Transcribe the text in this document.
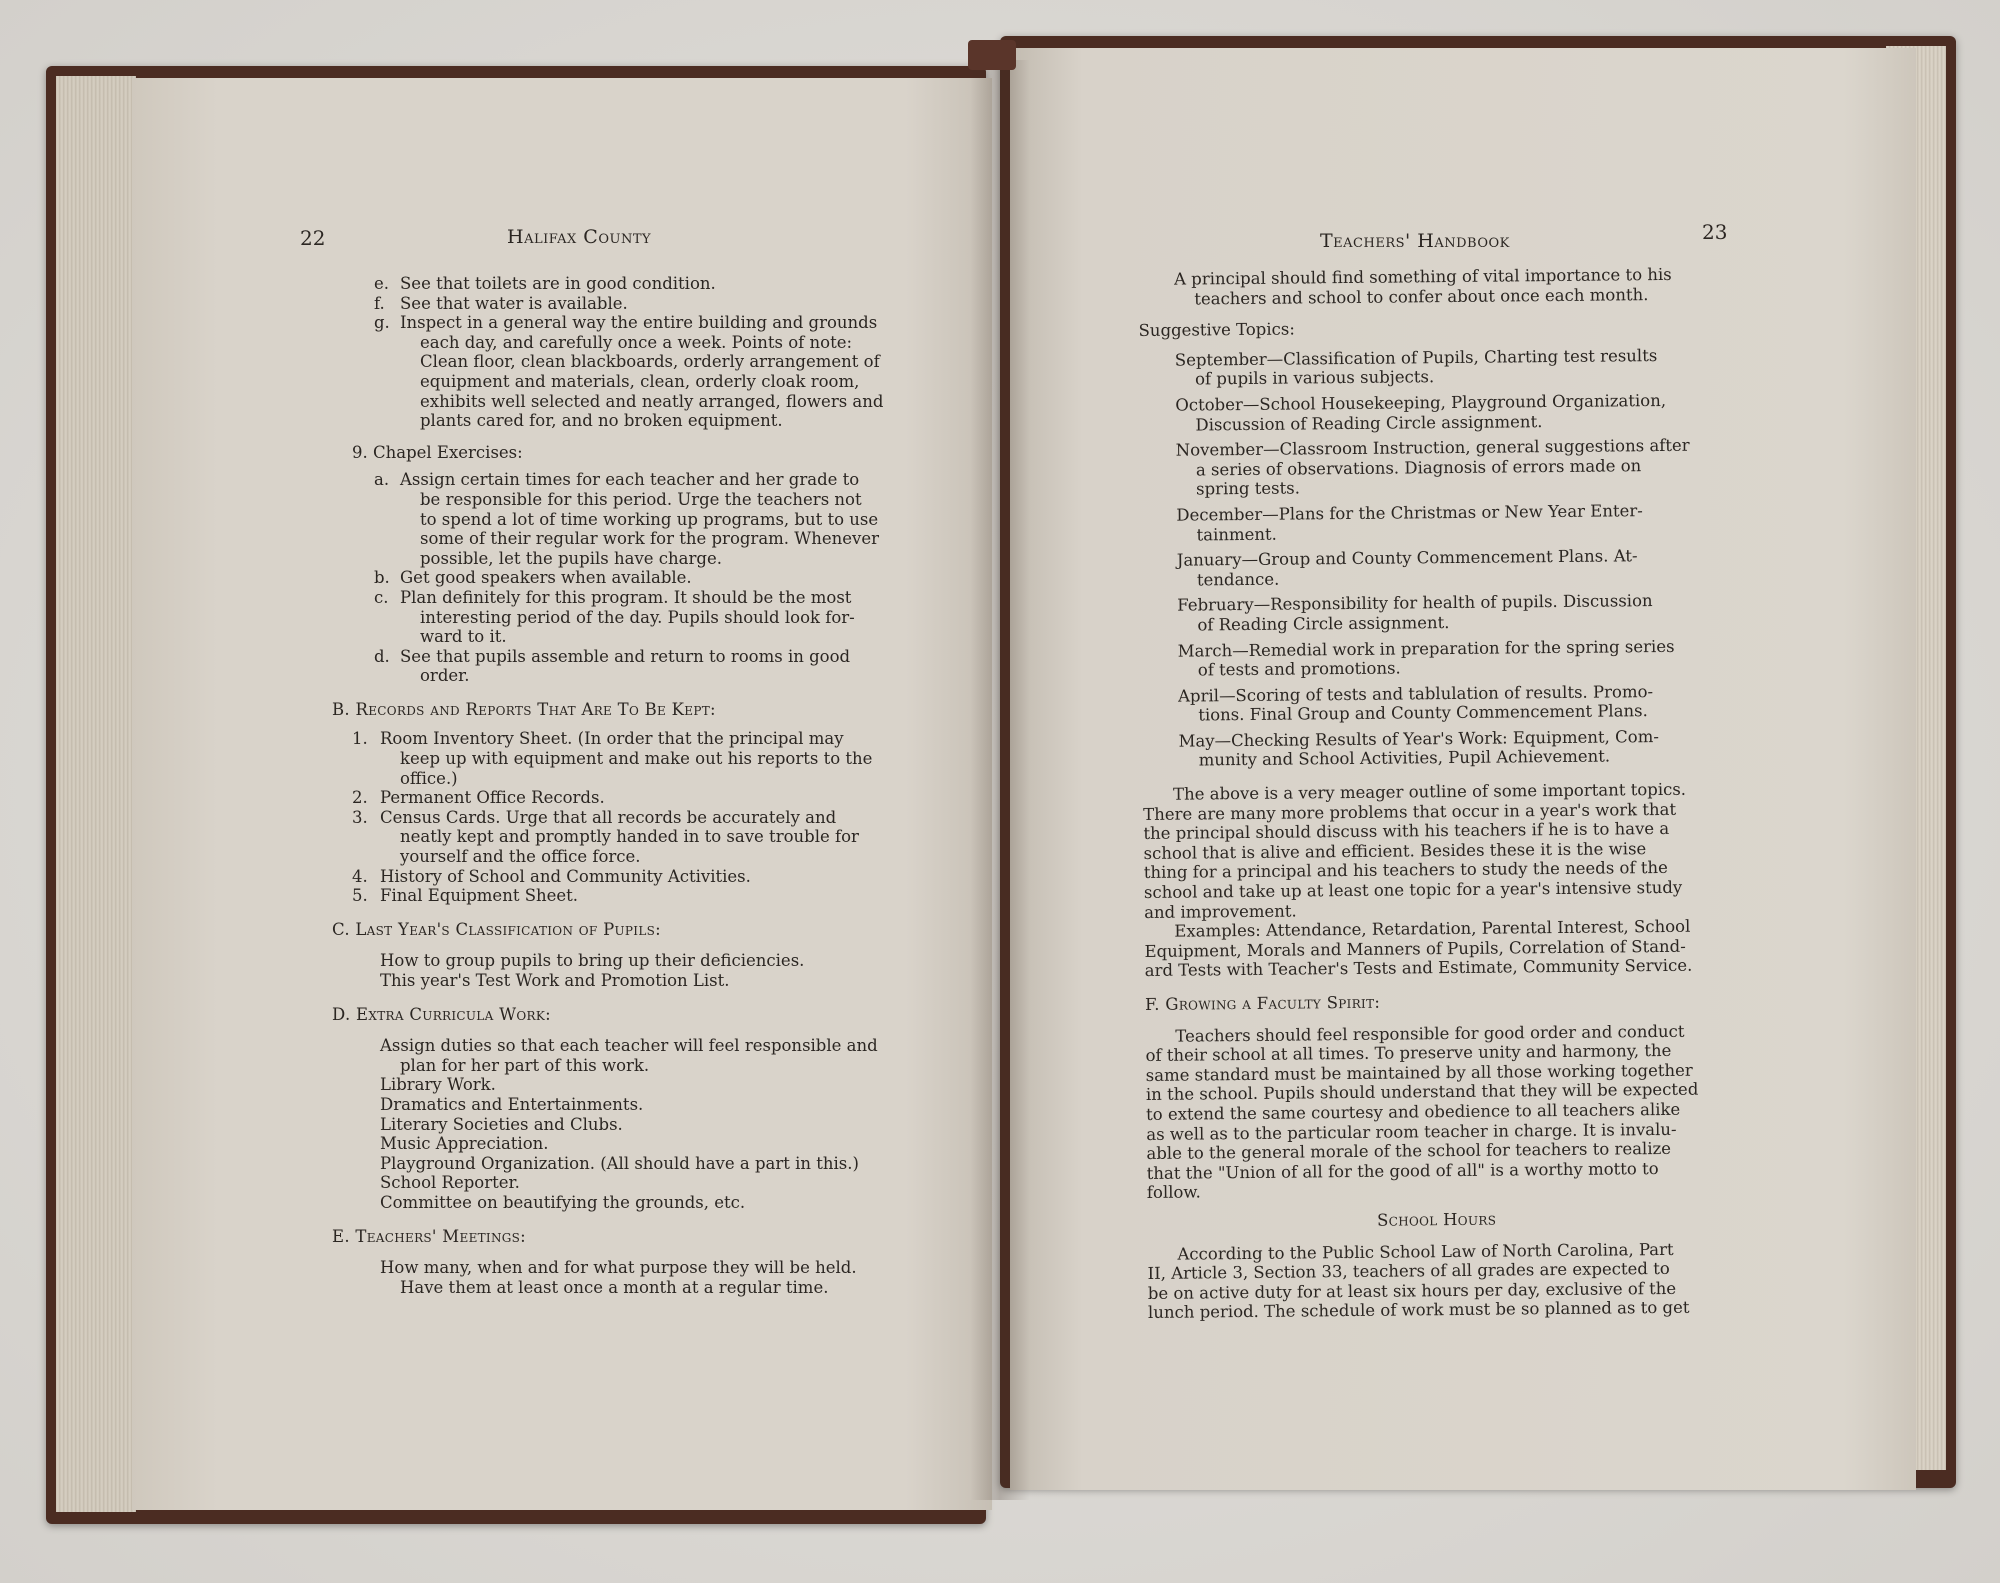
22	Halifax County
e. See that toilets are in good condition.
f. See that water is available.
g. Inspect in a general way the entire building and grounds
each day, and carefully once a week. Points of note:
Clean floor, clean blackboards, orderly arrangement of
equipment and materials, clean, orderly cloak room,
exhibits well selected and neatly arranged, flowers and
plants cared for, and no broken equipment.
9. Chapel Exercises:
a. Assign certain times for each teacher and her grade to
be responsible for this period. Urge the teachers not
to spend a lot of time working up programs, but to use
some of their regular work for the program. Whenever
possible, let the pupils have charge.
b. Get good speakers when available.
c. Plan definitely for this program. It should be the most
interesting period of the day. Pupils should look for-
ward to it.
d. See that pupils assemble and return to rooms in good
order.
B. Records and Reports That Are To Be Kept:
1. Room Inventory Sheet. (In order that the principal may
keep up with equipment and make out his reports to the
office.)
2. Permanent Office Records.
3. Census Cards. Urge that all records be accurately and
neatly kept and promptly handed in to save trouble for
yourself and the office force.
4. History of School and Community Activities.
5. Final Equipment Sheet.
C. Last Year's Classification of Pupils:
How to group pupils to bring up their deficiencies.
This year's Test Work and Promotion List.
D. Extra Curricula Work:
Assign duties so that each teacher will feel responsible and
plan for her part of this work.
Library Work.
Dramatics and Entertainments.
Literary Societies and Clubs.
Music Appreciation.
Playground Organization. (All should have a part in this.)
School Reporter.
Committee on beautifying the grounds, etc.
E. Teachers' Meetings:
How many, when and for what purpose they will be held.
Have them at least once a month at a regular time.
Teachers' Handbook	23
A principal should find something of vital importance to his
teachers and school to confer about once each month.
Suggestive Topics:
September—Classification of Pupils, Charting test results
of pupils in various subjects.
October—School Housekeeping, Playground Organization,
Discussion of Reading Circle assignment.
November—Classroom Instruction, general suggestions after
a series of observations. Diagnosis of errors made on
spring tests.
December—Plans for the Christmas or New Year Enter-
tainment.
January—Group and County Commencement Plans. At-
tendance.
February—Responsibility for health of pupils. Discussion
of Reading Circle assignment.
March—Remedial work in preparation for the spring series
of tests and promotions.
April—Scoring of tests and tablulation of results. Promo-
tions. Final Group and County Commencement Plans.
May—Checking Results of Year's Work: Equipment, Com-
munity and School Activities, Pupil Achievement.
The above is a very meager outline of some important topics.
There are many more problems that occur in a year's work that
the principal should discuss with his teachers if he is to have a
school that is alive and efficient. Besides these it is the wise
thing for a principal and his teachers to study the needs of the
school and take up at least one topic for a year's intensive study
and improvement.
Examples: Attendance, Retardation, Parental Interest, School
Equipment, Morals and Manners of Pupils, Correlation of Stand-
ard Tests with Teacher's Tests and Estimate, Community Service.
F. Growing a Faculty Spirit:
Teachers should feel responsible for good order and conduct
of their school at all times. To preserve unity and harmony, the
same standard must be maintained by all those working together
in the school. Pupils should understand that they will be expected
to extend the same courtesy and obedience to all teachers alike
as well as to the particular room teacher in charge. It is invalu-
able to the general morale of the school for teachers to realize
that the "Union of all for the good of all" is a worthy motto to
follow.
School Hours
According to the Public School Law of North Carolina, Part
II, Article 3, Section 33, teachers of all grades are expected to
be on active duty for at least six hours per day, exclusive of the
lunch period. The schedule of work must be so planned as to get
